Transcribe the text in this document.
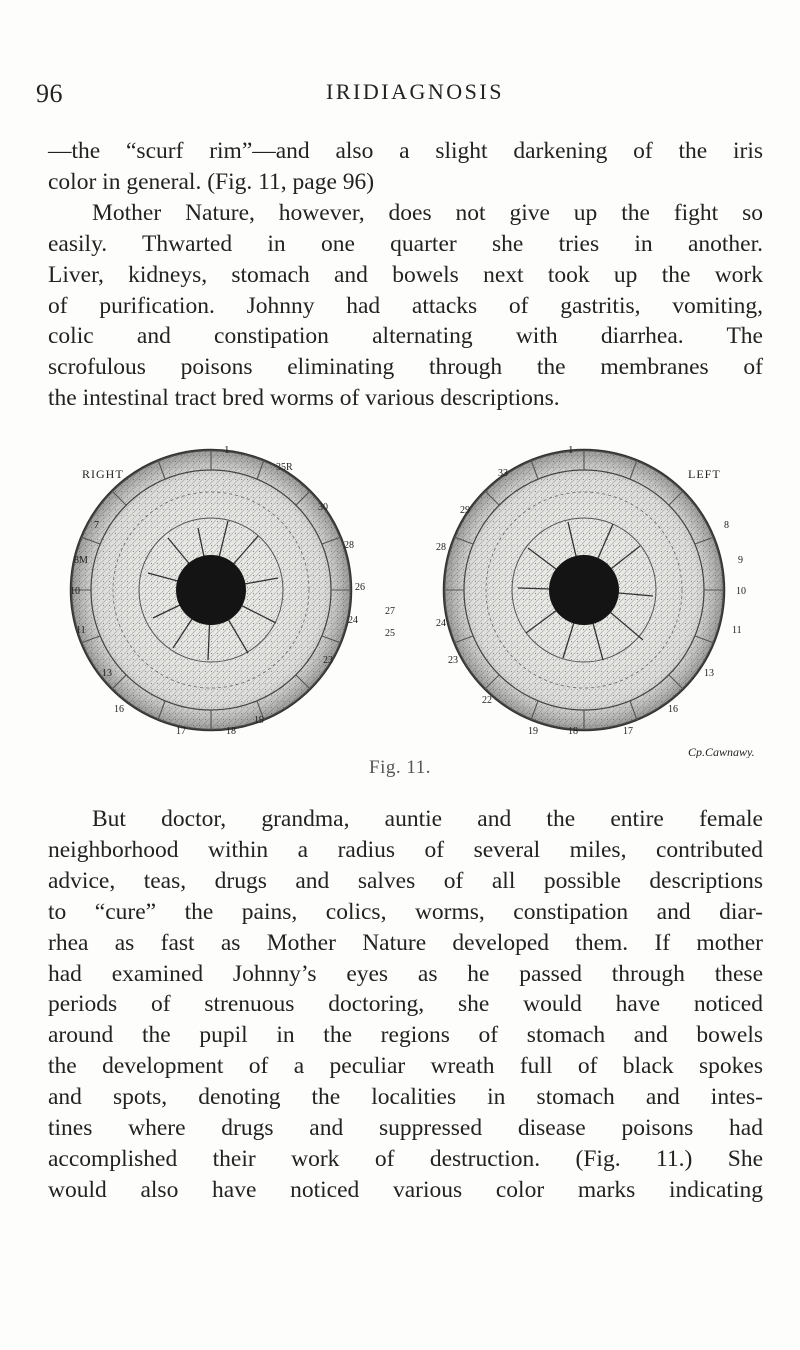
96	IRIDIAGNOSIS
—the “scurf rim”—and also a slight darkening of the iris
color in general. (Fig. 11, page 96)
Mother Nature, however, does not give up the fight so
easily. Thwarted in one quarter she tries in another.
Liver, kidneys, stomach and bowels next took up the work
of purification. Johnny had attacks of gastritis, vomiting,
colic and constipation alternating with diarrhea. The
scrofulous poisons eliminating through the membranes of
the intestinal tract bred worms of various descriptions.
1
7
8M
10
11
13
16
17	18
19
23
24
26
28
30
35R
RIGHT
27
25
1
8
9
10
11
13
16
17
18
19
22
23
24
28
29
33	LEFT
Cp.Cawnawy.
Fig. 11.
But doctor, grandma, auntie and the entire female
neighborhood within a radius of several miles, contributed
advice, teas, drugs and salves of all possible descriptions
to “cure” the pains, colics, worms, constipation and diar-
rhea as fast as Mother Nature developed them. If mother
had examined Johnny’s eyes as he passed through these
periods of strenuous doctoring, she would have noticed
around the pupil in the regions of stomach and bowels
the development of a peculiar wreath full of black spokes
and spots, denoting the localities in stomach and intes-
tines where drugs and suppressed disease poisons had
accomplished their work of destruction. (Fig. 11.) She
would also have noticed various color marks indicating
